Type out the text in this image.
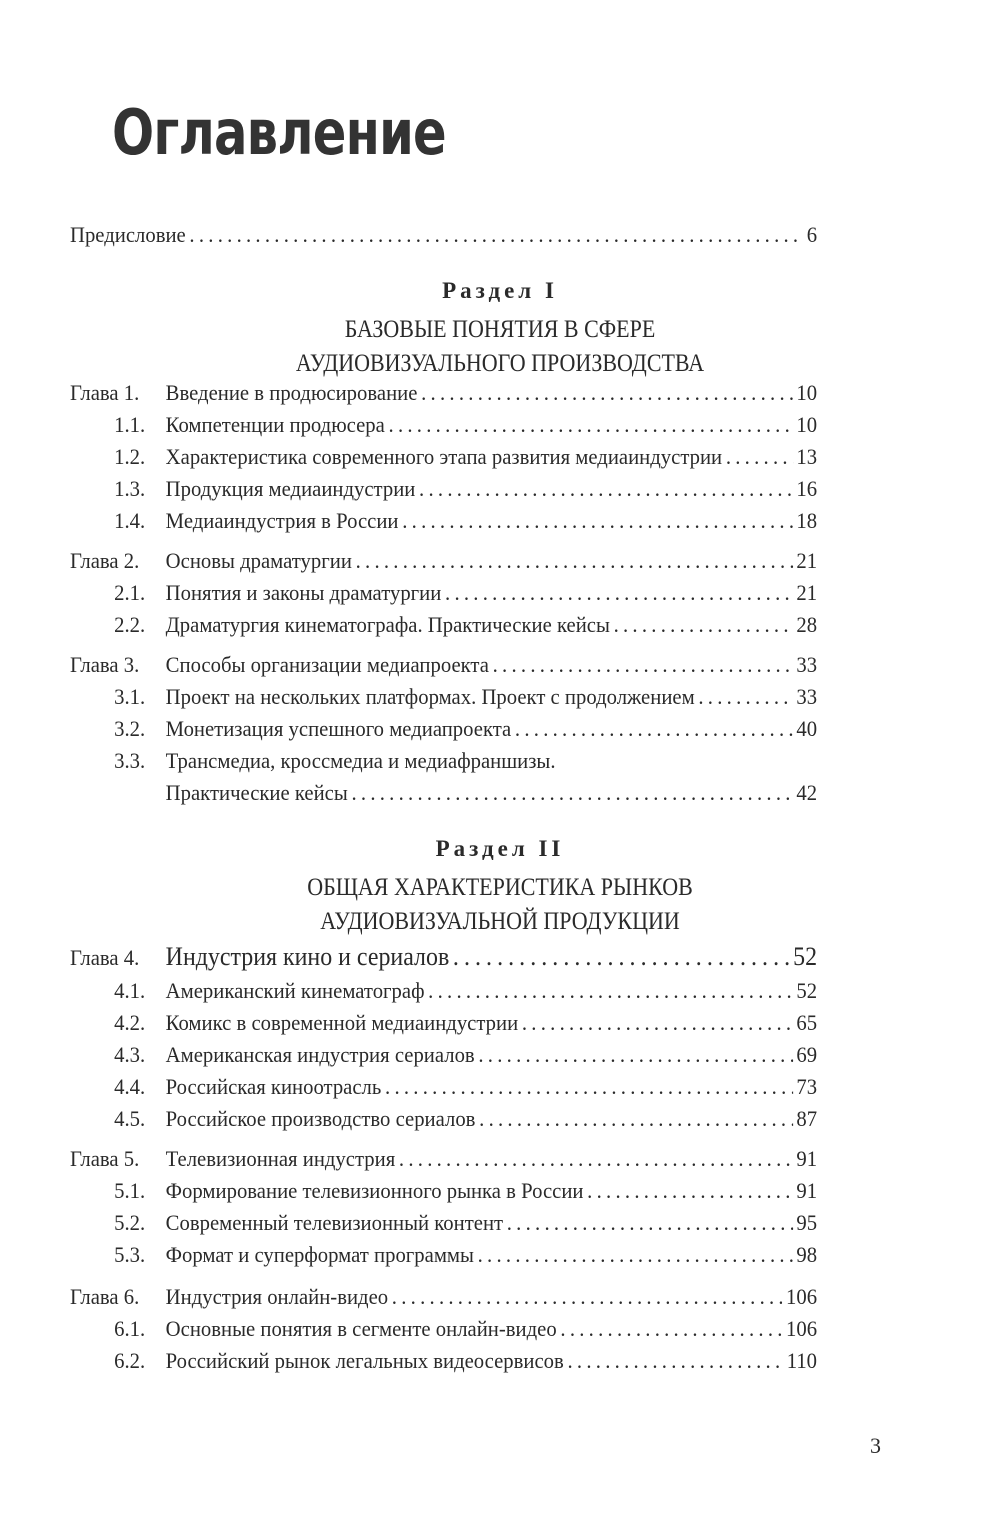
Оглавление
Предисловие . . .	6
Раздел I
БАЗОВЫЕ ПОНЯТИЯ В СФЕРЕ
АУДИОВИЗУАЛЬНОГО ПРОИЗВОДСТВА
Глава 1.	Введение в продюсирование . . .	10
1.1. Компетенции продюсера . . .	10
1.2. Характеристика современного этапа развития медиаиндустрии . . .	13
1.3. Продукция медиаиндустрии . . .	16
1.4. Медиаиндустрия в России . . .	18
Глава 2.	Основы драматургии . . .	21
2.1. Понятия и законы драматургии . . .	21
2.2. Драматургия кинематографа. Практические кейсы . . .	28
Глава 3.	Способы организации медиапроекта . . .	33
3.1. Проект на нескольких платформах. Проект с продолжением . . .	33
3.2. Монетизация успешного медиапроекта . . .	40
3.3. Трансмедиа, кроссмедиа и медиафраншизы.
Практические кейсы . . .	42
Раздел II
ОБЩАЯ ХАРАКТЕРИСТИКА РЫНКОВ
АУДИОВИЗУАЛЬНОЙ ПРОДУКЦИИ
Глава 4.	Индустрия кино и сериалов . . .	52
4.1. Американский кинематограф . . .	52
4.2. Комикс в современной медиаиндустрии . . .	65
4.3. Американская индустрия сериалов . . .	69
4.4. Российская киноотрасль . . .	73
4.5. Российское производство сериалов . . .	87
Глава 5.	Телевизионная индустрия . . .	91
5.1. Формирование телевизионного рынка в России . . .	91
5.2. Современный телевизионный контент . . .	95
5.3. Формат и суперформат программы . . .	98
Глава 6.	Индустрия онлайн-видео . . .	106
6.1. Основные понятия в сегменте онлайн-видео . . .	106
6.2. Российский рынок легальных видеосервисов . . .	110
3
